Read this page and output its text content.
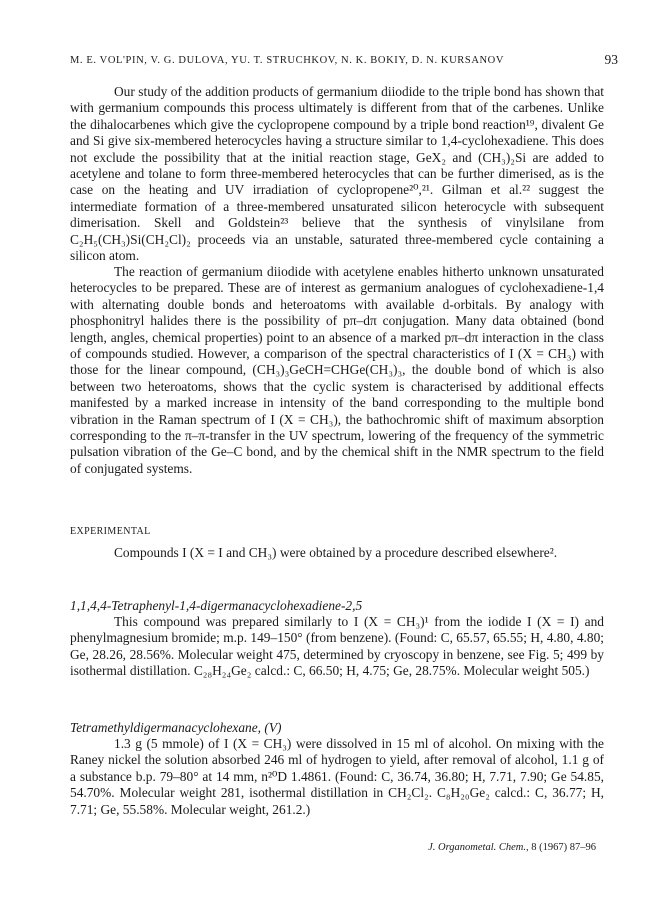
M. E. VOL'PIN, V. G. DULOVA, YU. T. STRUCHKOV, N. K. BOKIY, D. N. KURSANOV	93

Our study of the addition products of germanium diiodide to the triple bond has shown that with germanium compounds this process ultimately is different from that of the carbenes. Unlike the dihalocarbenes which give the cyclopropene compound by a triple bond reaction¹⁹, divalent Ge and Si give six-membered heterocycles having a structure similar to 1,4-cyclohexadiene. This does not exclude the possibility that at the initial reaction stage, GeX₂ and (CH₃)₂Si are added to acetylene and tolane to form three-membered heterocycles that can be further dimerised, as is the case on the heating and UV irradiation of cyclopropene²⁰,²¹. Gilman et al.²² suggest the intermediate formation of a three-membered unsaturated silicon heterocycle with subsequent dimerisation. Skell and Goldstein²³ believe that the synthesis of vinylsilane from C₂H₅(CH₃)Si(CH₂Cl)₂ proceeds via an unstable, saturated three-membered cycle containing a silicon atom.

The reaction of germanium diiodide with acetylene enables hitherto unknown unsaturated heterocycles to be prepared. These are of interest as germanium analogues of cyclohexadiene-1,4 with alternating double bonds and heteroatoms with available d-orbitals. By analogy with phosphonitryl halides there is the possibility of pπ–dπ conjugation. Many data obtained (bond length, angles, chemical properties) point to an absence of a marked pπ–dπ interaction in the class of compounds studied. However, a comparison of the spectral characteristics of I (X = CH₃) with those for the linear compound, (CH₃)₃GeCH=CHGe(CH₃)₃, the double bond of which is also between two heteroatoms, shows that the cyclic system is characterised by additional effects manifested by a marked increase in intensity of the band corresponding to the multiple bond vibration in the Raman spectrum of I (X = CH₃), the bathochromic shift of maximum absorption corresponding to the π–π-transfer in the UV spectrum, lowering of the frequency of the symmetric pulsation vibration of the Ge–C bond, and by the chemical shift in the NMR spectrum to the field of conjugated systems.

EXPERIMENTAL

Compounds I (X = I and CH₃) were obtained by a procedure described elsewhere².

1,1,4,4-Tetraphenyl-1,4-digermanacyclohexadiene-2,5

This compound was prepared similarly to I (X = CH₃)¹ from the iodide I (X = I) and phenylmagnesium bromide; m.p. 149–150° (from benzene). (Found: C, 65.57, 65.55; H, 4.80, 4.80; Ge, 28.26, 28.56%. Molecular weight 475, determined by cryoscopy in benzene, see Fig. 5; 499 by isothermal distillation. C₂₈H₂₄Ge₂ calcd.: C, 66.50; H, 4.75; Ge, 28.75%. Molecular weight 505.)

Tetramethyldigermanacyclohexane, (V)

1.3 g (5 mmole) of I (X = CH₃) were dissolved in 15 ml of alcohol. On mixing with the Raney nickel the solution absorbed 246 ml of hydrogen to yield, after removal of alcohol, 1.1 g of a substance b.p. 79–80° at 14 mm, n²⁰D 1.4861. (Found: C, 36.74, 36.80; H, 7.71, 7.90; Ge 54.85, 54.70%. Molecular weight 281, isothermal distillation in CH₂Cl₂. C₈H₂₀Ge₂ calcd.: C, 36.77; H, 7.71; Ge, 55.58%. Molecular weight, 261.2.)

J. Organometal. Chem., 8 (1967) 87–96
